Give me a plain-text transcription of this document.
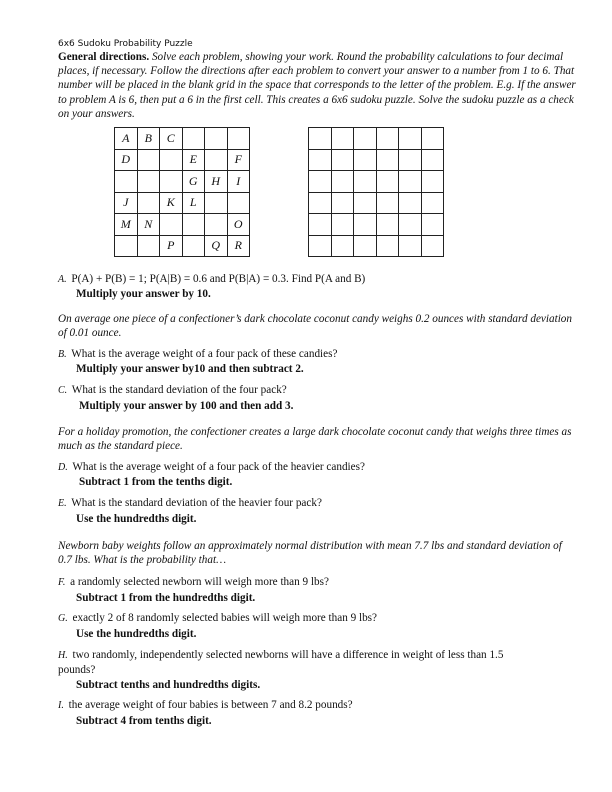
6x6 Sudoku Probability Puzzle
General directions. Solve each problem, showing your work. Round the probability calculations to four decimal places, if necessary. Follow the directions after each problem to convert your answer to a number from 1 to 6. That number will be placed in the blank grid in the space that corresponds to the letter of the problem. E.g. If the answer to problem A is 6, then put a 6 in the first cell. This creates a 6x6 sudoku puzzle. Solve the sudoku puzzle as a check on your answers.
A	B	C			
D			E		F
			G	H	I
J		K	L		
M	N				O
		P		Q	R

A. P(A) + P(B) = 1; P(A|B) = 0.6 and P(B|A) = 0.3. Find P(A and B)
Multiply your answer by 10.
On average one piece of a confectioner’s dark chocolate coconut candy weighs 0.2 ounces with standard deviation of 0.01 ounce.
B. What is the average weight of a four pack of these candies?
Multiply your answer by10 and then subtract 2.
C. What is the standard deviation of the four pack?
Multiply your answer by 100 and then add 3.
For a holiday promotion, the confectioner creates a large dark chocolate coconut candy that weighs three times as much as the standard piece.
D. What is the average weight of a four pack of the heavier candies?
Subtract 1 from the tenths digit.
E. What is the standard deviation of the heavier four pack?
Use the hundredths digit.
Newborn baby weights follow an approximately normal distribution with mean 7.7 lbs and standard deviation of 0.7 lbs. What is the probability that…
F. a randomly selected newborn will weigh more than 9 lbs?
Subtract 1 from the hundredths digit.
G. exactly 2 of 8 randomly selected babies will weigh more than 9 lbs?
Use the hundredths digit.
H. two randomly, independently selected newborns will have a difference in weight of less than 1.5 pounds?
Subtract tenths and hundredths digits.
I. the average weight of four babies is between 7 and 8.2 pounds?
Subtract 4 from tenths digit.
